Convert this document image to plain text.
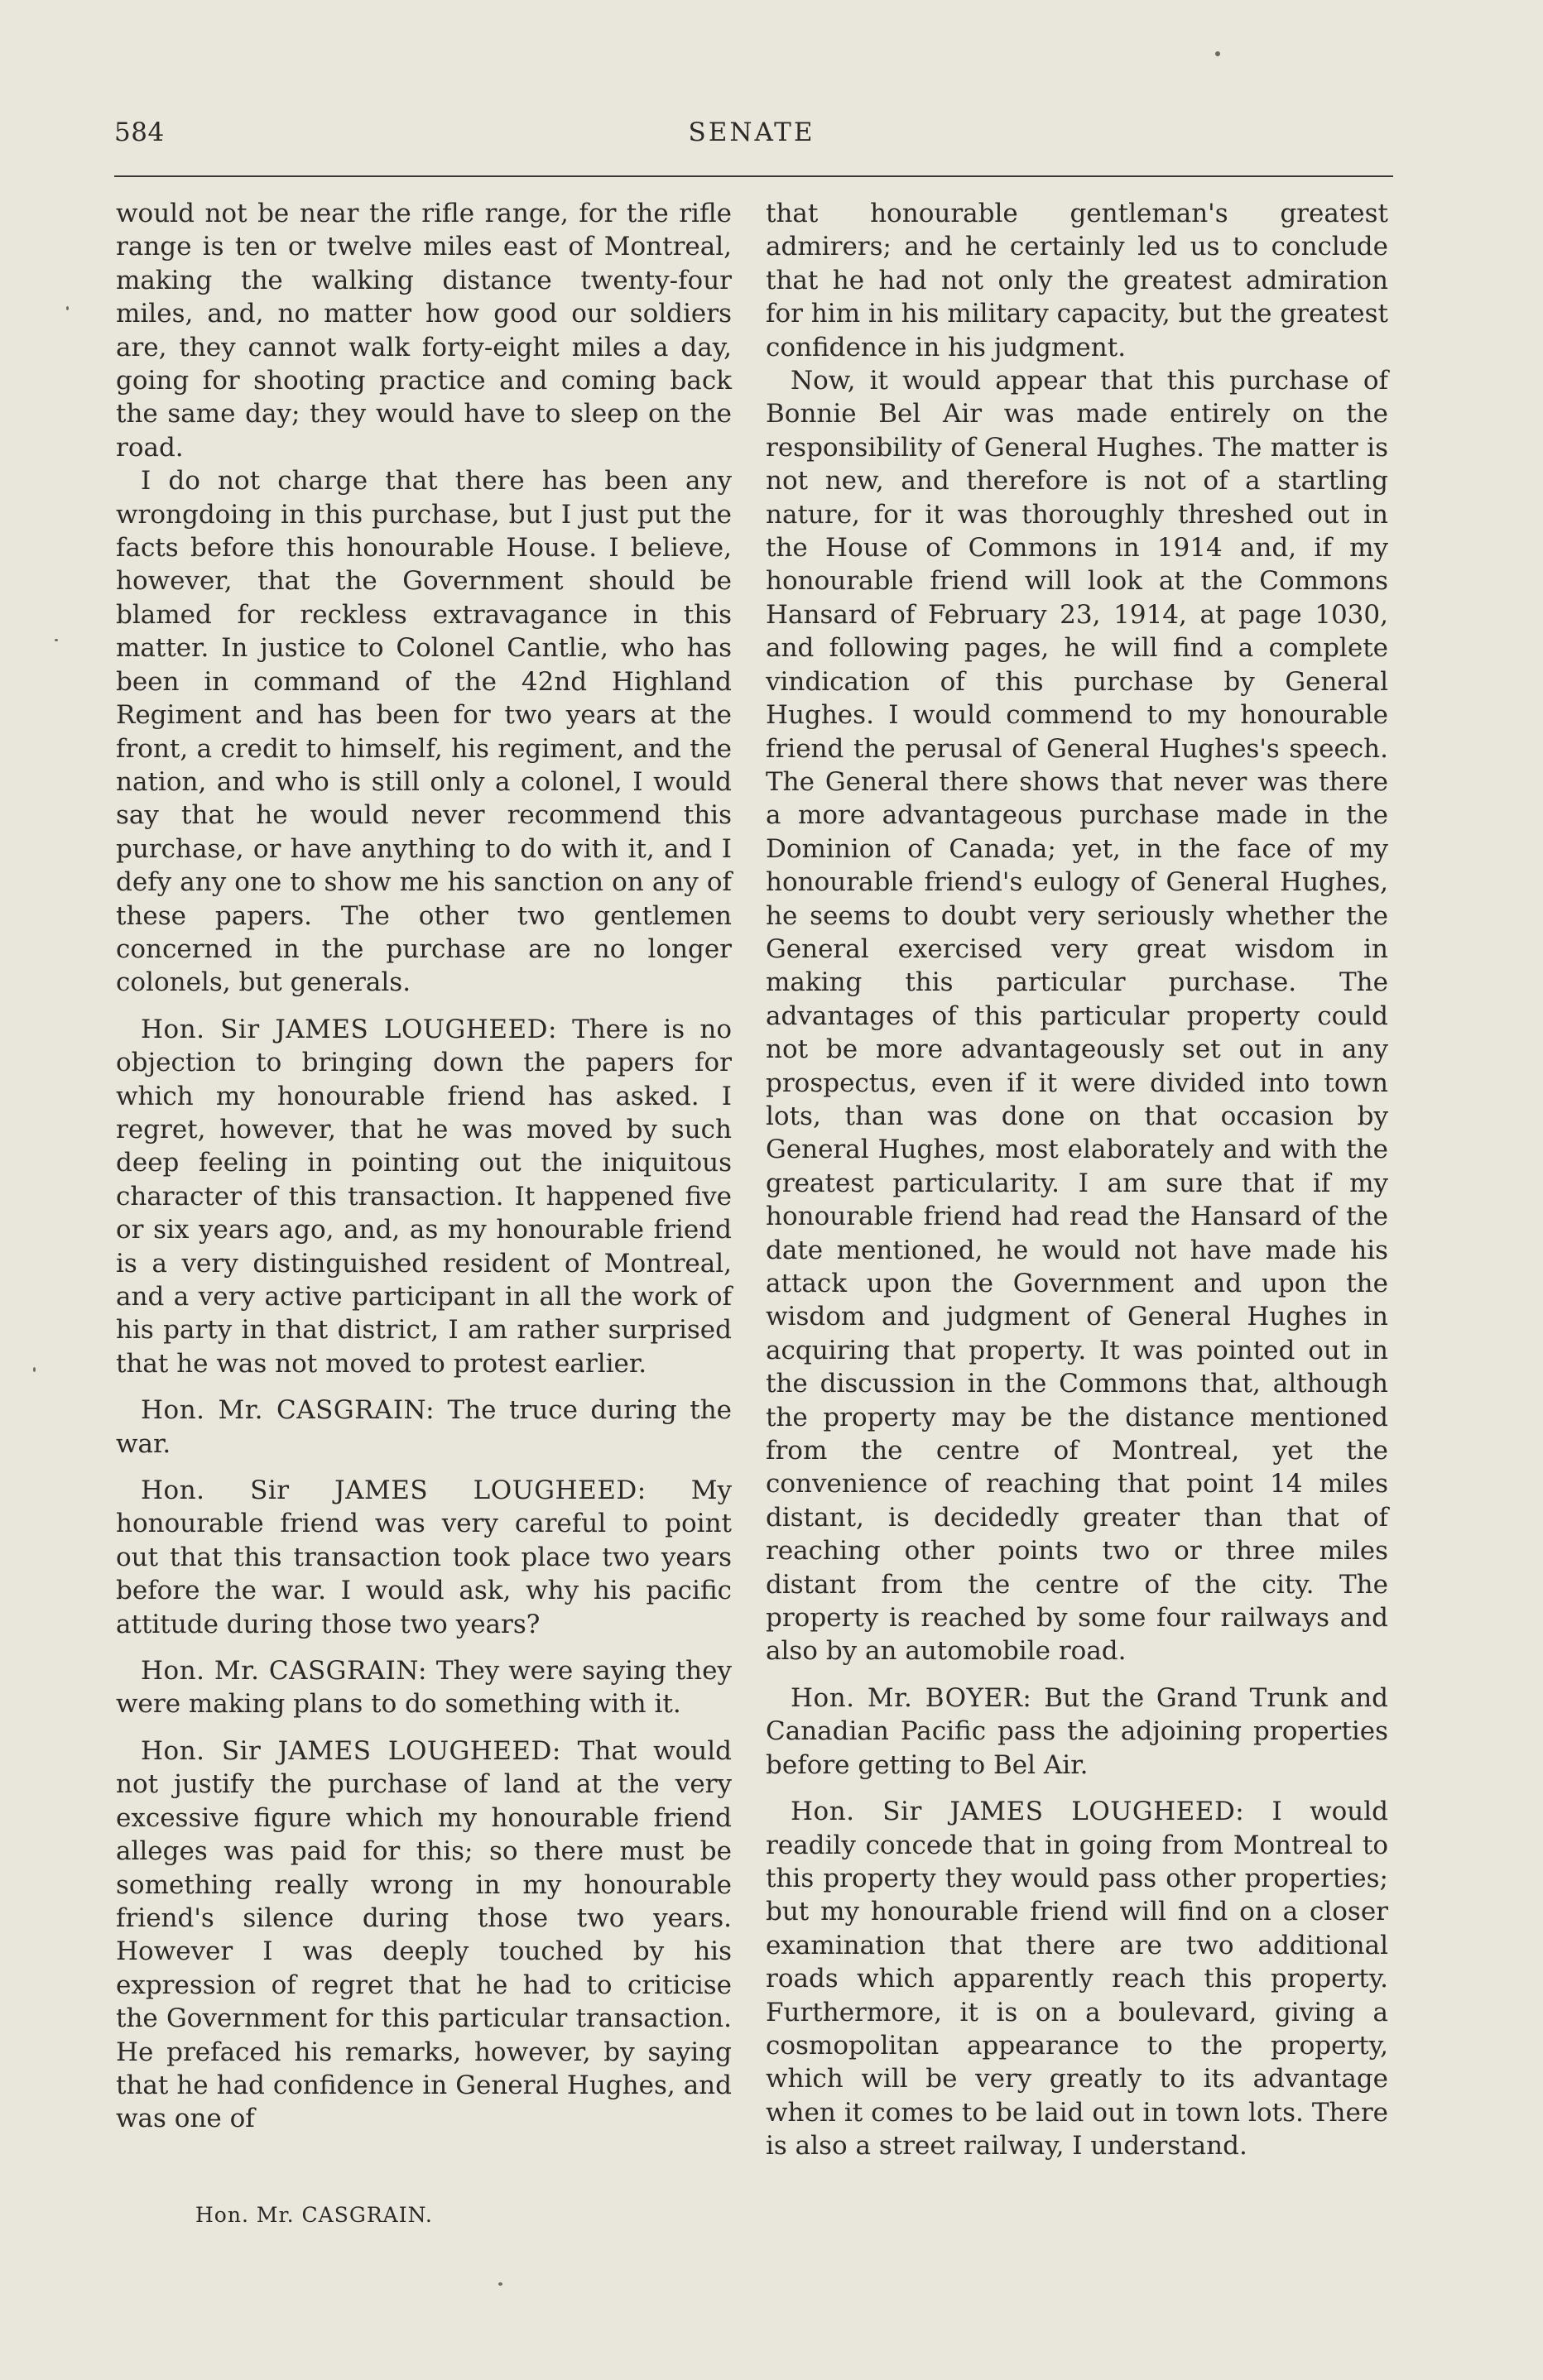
584	SENATE

would not be near the rifle range, for the rifle range is ten or twelve miles east of Montreal, making the walking distance twenty-four miles, and, no matter how good our soldiers are, they cannot walk forty-eight miles a day, going for shooting practice and coming back the same day; they would have to sleep on the road.

I do not charge that there has been any wrongdoing in this purchase, but I just put the facts before this honourable House. I believe, however, that the Government should be blamed for reckless extravagance in this matter. In justice to Colonel Cantlie, who has been in command of the 42nd Highland Regiment and has been for two years at the front, a credit to himself, his regiment, and the nation, and who is still only a colonel, I would say that he would never recommend this purchase, or have anything to do with it, and I defy any one to show me his sanction on any of these papers. The other two gentlemen concerned in the purchase are no longer colonels, but generals.

Hon. Sir JAMES LOUGHEED: There is no objection to bringing down the papers for which my honourable friend has asked. I regret, however, that he was moved by such deep feeling in pointing out the iniquitous character of this transaction. It happened five or six years ago, and, as my honourable friend is a very distinguished resident of Montreal, and a very active participant in all the work of his party in that district, I am rather surprised that he was not moved to protest earlier.

Hon. Mr. CASGRAIN: The truce during the war.

Hon. Sir JAMES LOUGHEED: My honourable friend was very careful to point out that this transaction took place two years before the war. I would ask, why his pacific attitude during those two years?

Hon. Mr. CASGRAIN: They were saying they were making plans to do something with it.

Hon. Sir JAMES LOUGHEED: That would not justify the purchase of land at the very excessive figure which my honourable friend alleges was paid for this; so there must be something really wrong in my honourable friend's silence during those two years. However I was deeply touched by his expression of regret that he had to criticise the Government for this particular transaction. He prefaced his remarks, however, by saying that he had confidence in General Hughes, and was one of

that honourable gentleman's greatest admirers; and he certainly led us to conclude that he had not only the greatest admiration for him in his military capacity, but the greatest confidence in his judgment.

Now, it would appear that this purchase of Bonnie Bel Air was made entirely on the responsibility of General Hughes. The matter is not new, and therefore is not of a startling nature, for it was thoroughly threshed out in the House of Commons in 1914 and, if my honourable friend will look at the Commons Hansard of February 23, 1914, at page 1030, and following pages, he will find a complete vindication of this purchase by General Hughes. I would commend to my honourable friend the perusal of General Hughes's speech. The General there shows that never was there a more advantageous purchase made in the Dominion of Canada; yet, in the face of my honourable friend's eulogy of General Hughes, he seems to doubt very seriously whether the General exercised very great wisdom in making this particular purchase. The advantages of this particular property could not be more advantageously set out in any prospectus, even if it were divided into town lots, than was done on that occasion by General Hughes, most elaborately and with the greatest particularity. I am sure that if my honourable friend had read the Hansard of the date mentioned, he would not have made his attack upon the Government and upon the wisdom and judgment of General Hughes in acquiring that property. It was pointed out in the discussion in the Commons that, although the property may be the distance mentioned from the centre of Montreal, yet the convenience of reaching that point 14 miles distant, is decidedly greater than that of reaching other points two or three miles distant from the centre of the city. The property is reached by some four railways and also by an automobile road.

Hon. Mr. BOYER: But the Grand Trunk and Canadian Pacific pass the adjoining properties before getting to Bel Air.

Hon. Sir JAMES LOUGHEED: I would readily concede that in going from Montreal to this property they would pass other properties; but my honourable friend will find on a closer examination that there are two additional roads which apparently reach this property. Furthermore, it is on a boulevard, giving a cosmopolitan appearance to the property, which will be very greatly to its advantage when it comes to be laid out in town lots. There is also a street railway, I understand.

Hon. Mr. CASGRAIN.
